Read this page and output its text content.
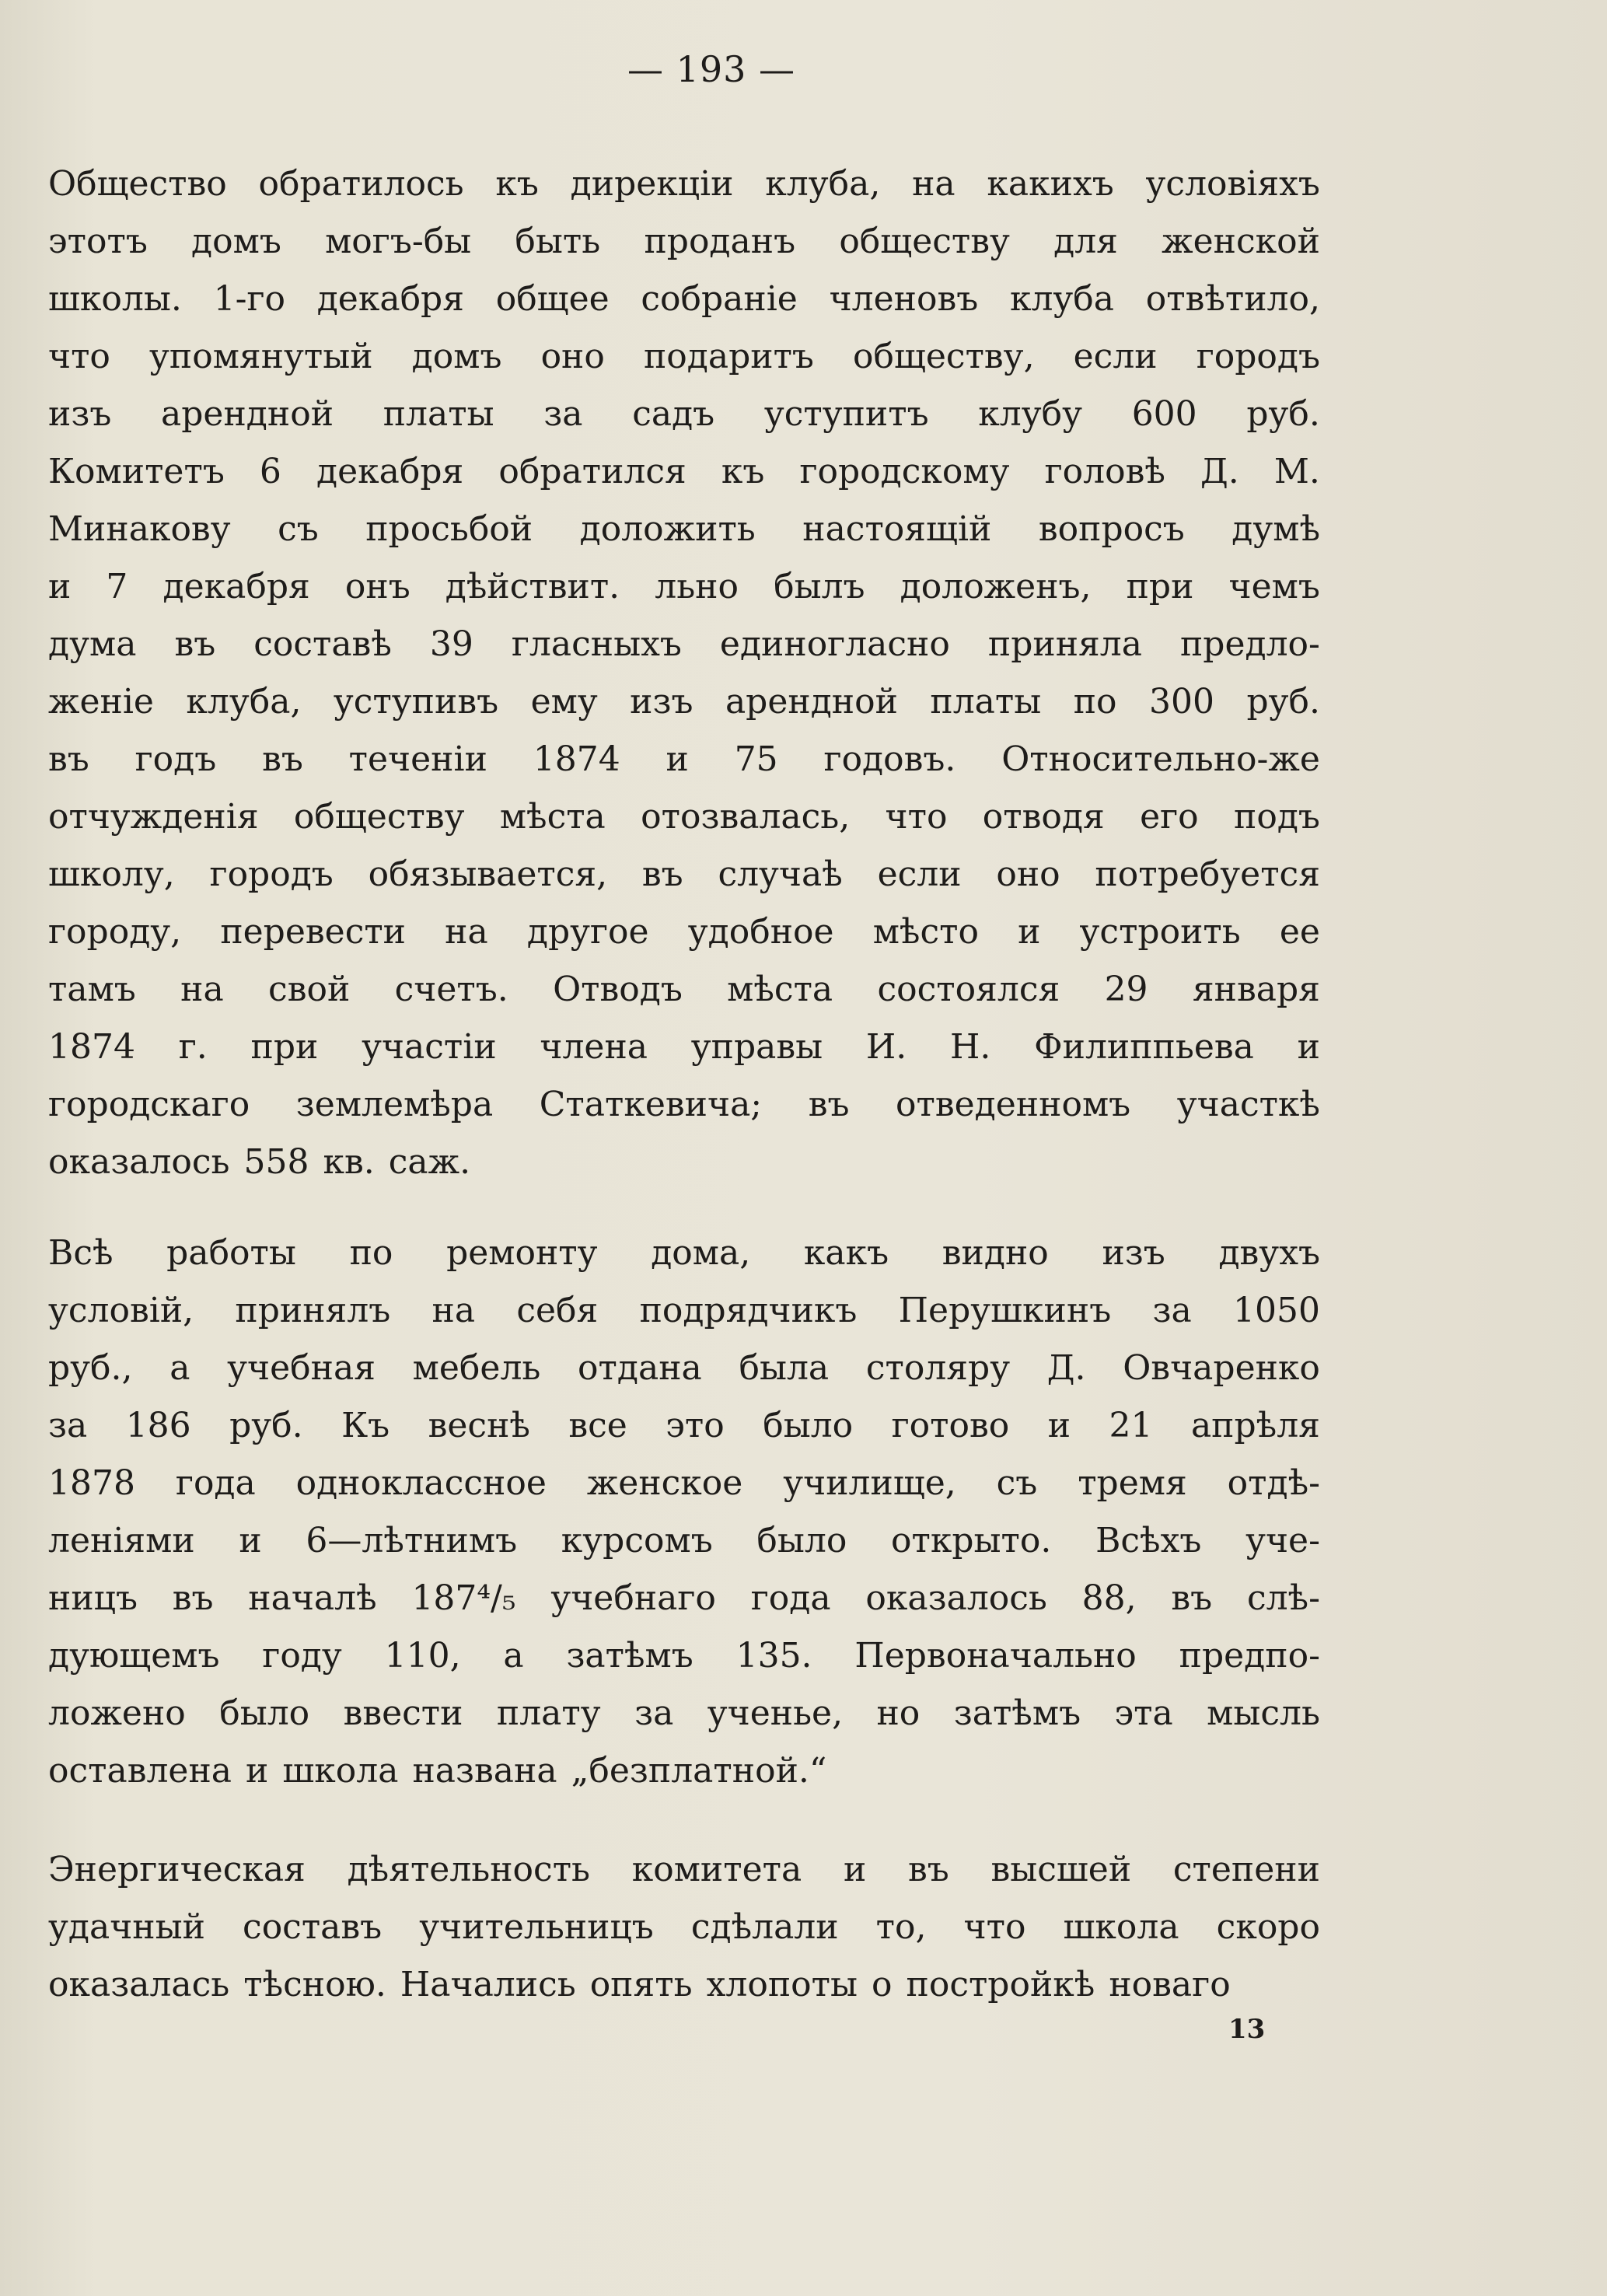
— 193 —
Общество обратилось къ дирекціи клуба, на какихъ условіяхъ
этотъ домъ могъ-бы быть проданъ обществу для женской
школы. 1-го декабря общее собраніе членовъ клуба отвѣтило,
что упомянутый домъ оно подаритъ обществу, если городъ
изъ арендной платы за садъ уступитъ клубу 600 руб.
Комитетъ 6 декабря обратился къ городскому головѣ Д. М.
Минакову съ просьбой доложить настоящій вопросъ думѣ
и 7 декабря онъ дѣйствит. льно былъ доложенъ, при чемъ
дума въ составѣ 39 гласныхъ единогласно приняла предло-
женіе клуба, уступивъ ему изъ арендной платы по 300 руб.
въ годъ въ теченіи 1874 и 75 годовъ. Относительно-же
отчужденія обществу мѣста отозвалась, что отводя его подъ
школу, городъ обязывается, въ случаѣ если оно потребуется
городу, перевести на другое удобное мѣсто и устроить ее
тамъ на свой счетъ. Отводъ мѣста состоялся 29 января
1874 г. при участіи члена управы И. Н. Филиппьева и
городскаго землемѣра Статкевича; въ отведенномъ участкѣ
оказалось 558 кв. саж.
Всѣ работы по ремонту дома, какъ видно изъ двухъ
условій, принялъ на себя подрядчикъ Перушкинъ за 1050
руб., а учебная мебель отдана была столяру Д. Овчаренко
за 186 руб. Къ веснѣ все это было готово и 21 апрѣля
1878 года одноклассное женское училище, съ тремя отдѣ-
леніями и 6—лѣтнимъ курсомъ было открыто. Всѣхъ уче-
ницъ въ началѣ 187⁴/₅ учебнаго года оказалось 88, въ слѣ-
дующемъ году 110, а затѣмъ 135. Первоначально предпо-
ложено было ввести плату за ученье, но затѣмъ эта мысль
оставлена и школа названа „безплатной.“
Энергическая дѣятельность комитета и въ высшей степени
удачный составъ учительницъ сдѣлали то, что школа скоро
оказалась тѣсною. Начались опять хлопоты о постройкѣ новаго
13
